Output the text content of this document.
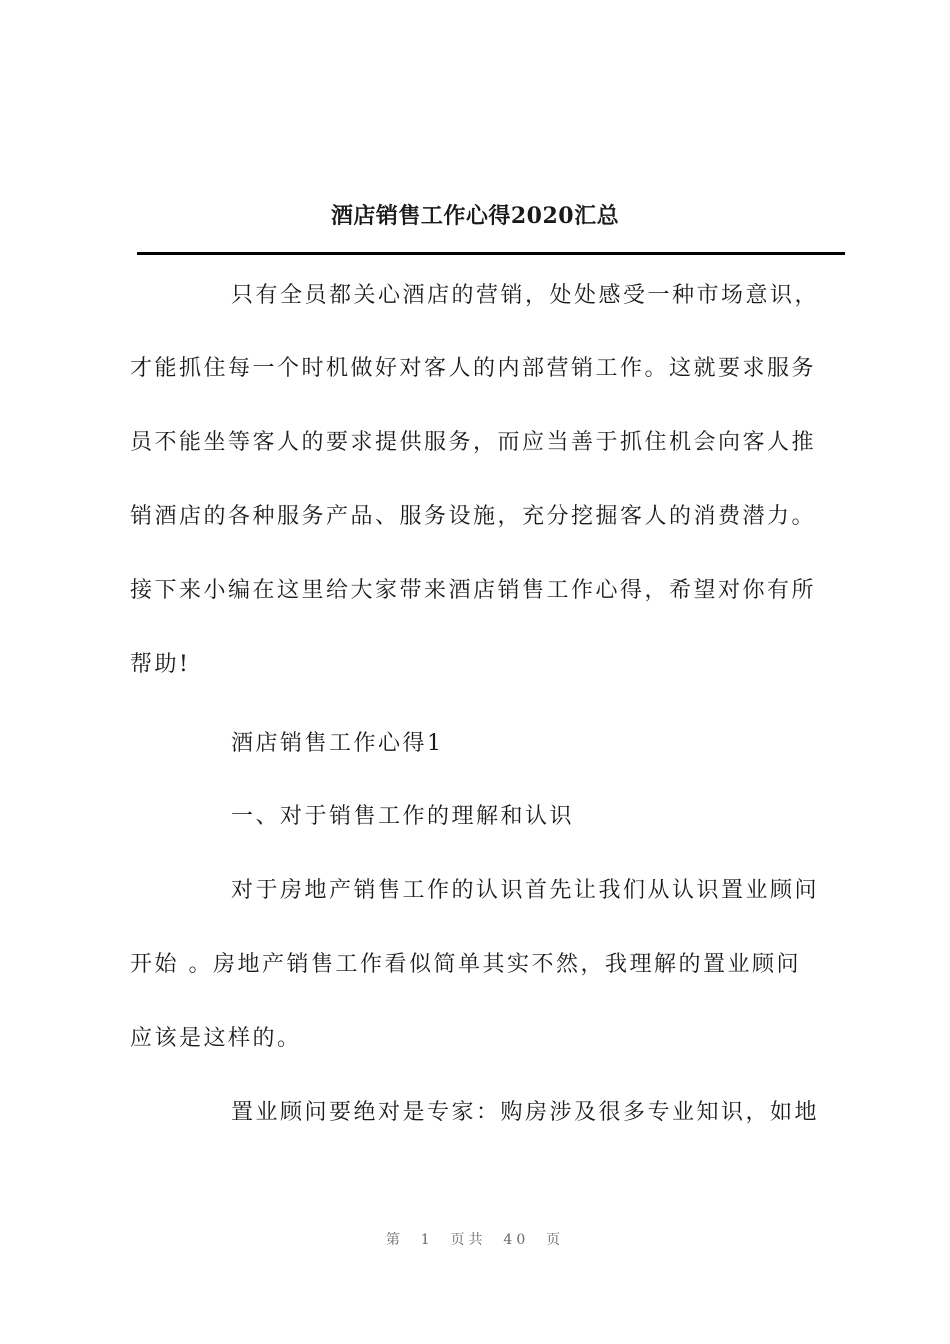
酒店销售工作心得2020汇总
只有全员都关心酒店的营销，处处感受一种市场意识，
才能抓住每一个时机做好对客人的内部营销工作。这就要求服务
员不能坐等客人的要求提供服务，而应当善于抓住机会向客人推
销酒店的各种服务产品、服务设施，充分挖掘客人的消费潜力。
接下来小编在这里给大家带来酒店销售工作心得，希望对你有所
帮助!
酒店销售工作心得1
一、对于销售工作的理解和认识
对于房地产销售工作的认识首先让我们从认识置业顾问
开始 。房地产销售工作看似简单其实不然，我理解的置业顾问
应该是这样的。
置业顾问要绝对是专家：购房涉及很多专业知识，如地
第  1  页共  40  页
